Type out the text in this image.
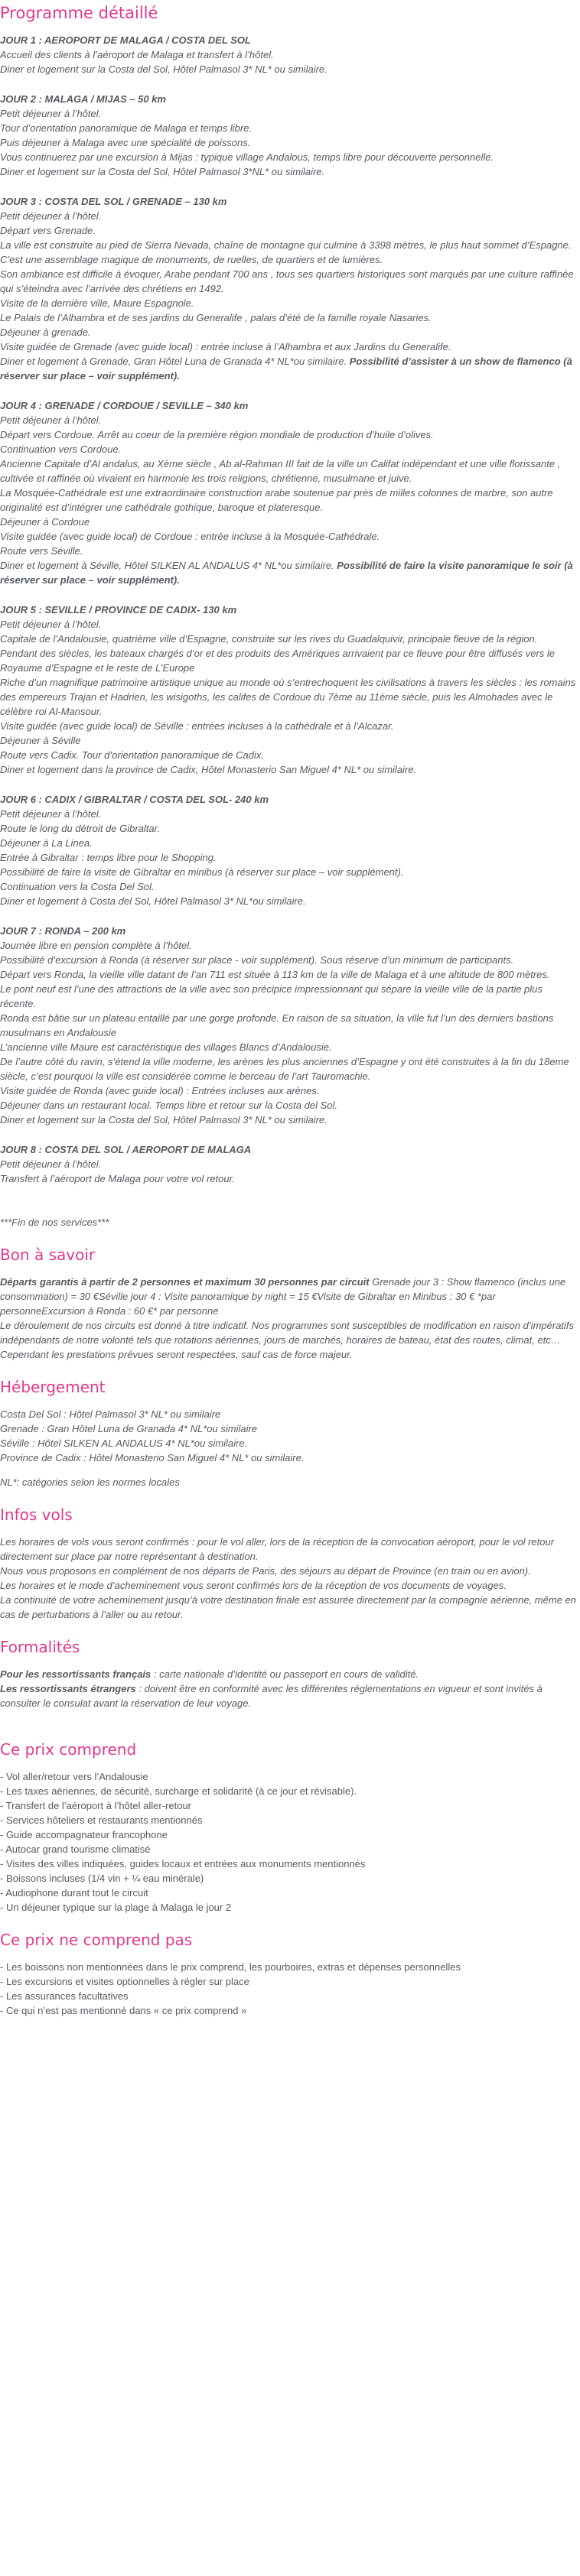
Programme détaillé
JOUR 1 : AEROPORT DE MALAGA / COSTA DEL SOL
Accueil des clients à l’aéroport de Malaga et transfert à l’hôtel.
Diner et logement sur la Costa del Sol, Hôtel Palmasol 3* NL* ou similaire.
JOUR 2 : MALAGA / MIJAS – 50 km
Petit déjeuner à l’hôtel.
Tour d’orientation panoramique de Malaga et temps libre.
Puis déjeuner à Malaga avec une spécialité de poissons.
Vous continuerez par une excursion à Mijas : typique village Andalous, temps libre pour découverte personnelle.
Diner et logement sur la Costa del Sol, Hôtel Palmasol 3*NL* ou similaire.
JOUR 3 : COSTA DEL SOL / GRENADE – 130 km
Petit déjeuner à l’hôtel.
Départ vers Grenade.
La ville est construite au pied de Sierra Nevada, chaîne de montagne qui culmine à 3398 mètres, le plus haut sommet d’Espagne.
C’est une assemblage magique de monuments, de ruelles, de quartiers et de lumières.
Son ambiance est difficile à évoquer, Arabe pendant 700 ans , tous ses quartiers historiques sont marqués par une culture raffinée qui s’éteindra avec l’arrivée des chrétiens en 1492.
Visite de la dernière ville, Maure Espagnole.
Le Palais de l’Alhambra et de ses jardins du Generalife , palais d’été de la famille royale Nasaries.
Déjeuner à grenade.
Visite guidée de Grenade (avec guide local) : entrée incluse à l’Alhambra et aux Jardins du Generalife.
Diner et logement à Grenade, Gran Hôtel Luna de Granada 4* NL*ou similaire. Possibilité d’assister à un show de flamenco (à réserver sur place – voir supplément).
JOUR 4 : GRENADE / CORDOUE / SEVILLE – 340 km
Petit déjeuner à l’hôtel.
Départ vers Cordoue. Arrêt au coeur de la première région mondiale de production d’huile d’olives.
Continuation vers Cordoue.
Ancienne Capitale d’Al andalus, au Xème siècle , Ab al-Rahman III fait de la ville un Califat indépendant et une ville florissante , cultivée et raffinée où vivaient en harmonie les trois religions, chrétienne, musulmane et juive.
La Mosquée-Cathédrale est une extraordinaire construction arabe soutenue par près de milles colonnes de marbre, son autre originalité est d’intégrer une cathédrale gothique, baroque et plateresque.
Déjeuner à Cordoue
Visite guidée (avec guide local) de Cordoue : entrée incluse à la Mosquée-Cathédrale.
Route vers Séville.
Diner et logement à Séville, Hôtel SILKEN AL ANDALUS 4* NL*ou similaire. Possibilité de faire la visite panoramique le soir (à réserver sur place – voir supplément).
JOUR 5 : SEVILLE / PROVINCE DE CADIX- 130 km
Petit déjeuner à l’hôtel.
Capitale de l’Andalousie, quatrième ville d’Espagne, construite sur les rives du Guadalquivir, principale fleuve de la région.
Pendant des siècles, les bateaux chargés d’or et des produits des Amériques arrivaient par ce fleuve pour être diffusés vers le Royaume d’Espagne et le reste de L’Europe
Riche d’un magnifique patrimoine artistique unique au monde où s’entrechoquent les civilisations à travers les siècles : les romains des empereurs Trajan et Hadrien, les wisigoths, les califes de Cordoue du 7ème au 11ème siècle, puis les Almohades avec le célèbre roi Al-Mansour.
Visite guidée (avec guide local) de Séville : entrées incluses à la cathédrale et à l’Alcazar.
Déjeuner à Séville
Route vers Cadix. Tour d’orientation panoramique de Cadix.
Diner et logement dans la province de Cadix, Hôtel Monasterio San Miguel 4* NL* ou similaire.
JOUR 6 : CADIX / GIBRALTAR / COSTA DEL SOL- 240 km
Petit déjeuner à l’hôtel.
Route le long du détroit de Gibraltar.
Déjeuner à La Linea.
Entrée à Gibraltar : temps libre pour le Shopping.
Possibilité de faire la visite de Gibraltar en minibus (à réserver sur place – voir supplément).
Continuation vers la Costa Del Sol.
Diner et logement à Costa del Sol, Hôtel Palmasol 3* NL*ou similaire.
JOUR 7 : RONDA – 200 km
Journée libre en pension complète à l’hôtel.
Possibilité d’excursion à Ronda (à réserver sur place - voir supplément). Sous réserve d’un minimum de participants.
Départ vers Ronda, la vieille ville datant de l’an 711 est située à 113 km de la ville de Malaga et à une altitude de 800 mètres.
Le pont neuf est l’une des attractions de la ville avec son précipice impressionnant qui sépare la vieille ville de la partie plus récente.
Ronda est bâtie sur un plateau entaillé par une gorge profonde. En raison de sa situation, la ville fut l’un des derniers bastions musulmans en Andalousie
L’ancienne ville Maure est caractéristique des villages Blancs d’Andalousie.
De l’autre côté du ravin, s’étend la ville moderne, les arènes les plus anciennes d’Espagne y ont été construites à la fin du 18eme siècle, c’est pourquoi la ville est considérée comme le berceau de l’art Tauromachie.
Visite guidée de Ronda (avec guide local) : Entrées incluses aux arènes.
Déjeuner dans un restaurant local. Temps libre et retour sur la Costa del Sol.
Diner et logement sur la Costa del Sol, Hôtel Palmasol 3* NL* ou similaire.
JOUR 8 : COSTA DEL SOL / AEROPORT DE MALAGA
Petit déjeuner à l’hôtel.
Transfert à l’aéroport de Malaga pour votre vol retour.
***Fin de nos services***
Bon à savoir
Départs garantis à partir de 2 personnes et maximum 30 personnes par circuit Grenade jour 3 : Show flamenco (inclus une consommation) = 30 €Séville jour 4 : Visite panoramique by night = 15 €Visite de Gibraltar en Minibus : 30 € *par personneExcursion à Ronda : 60 €* par personne
Le déroulement de nos circuits est donné à titre indicatif. Nos programmes sont susceptibles de modification en raison d’impératifs indépendants de notre volonté tels que rotations aériennes, jours de marchés, horaires de bateau, état des routes, climat, etc… Cependant les prestations prévues seront respectées, sauf cas de force majeur.
Hébergement
Costa Del Sol : Hôtel Palmasol 3* NL* ou similaire
Grenade : Gran Hôtel Luna de Granada 4* NL*ou similaire
Séville : Hôtel SILKEN AL ANDALUS 4* NL*ou similaire.
Province de Cadix : Hôtel Monasterio San Miguel 4* NL* ou similaire.
NL*: catégories selon les normes locales
Infos vols
Les horaires de vols vous seront confirmés : pour le vol aller, lors de la réception de la convocation aéroport, pour le vol retour directement sur place par notre représentant à destination.
Nous vous proposons en complément de nos départs de Paris, des séjours au départ de Province (en train ou en avion).
Les horaires et le mode d’acheminement vous seront confirmés lors de la réception de vos documents de voyages.
La continuité de votre acheminement jusqu’à votre destination finale est assurée directement par la compagnie aérienne, même en cas de perturbations à l’aller ou au retour.
Formalités
Pour les ressortissants français : carte nationale d’identité ou passeport en cours de validité.
Les ressortissants étrangers : doivent être en conformité avec les différentes réglementations en vigueur et sont invités à consulter le consulat avant la réservation de leur voyage.
Ce prix comprend
- Vol aller/retour vers l’Andalousie
- Les taxes aériennes, de sécurité, surcharge et solidarité (à ce jour et révisable).
- Transfert de l’aéroport à l’hôtel aller-retour
- Services hôteliers et restaurants mentionnés
- Guide accompagnateur francophone
- Autocar grand tourisme climatisé
- Visites des villes indiquées, guides locaux et entrées aux monuments mentionnés
- Boissons incluses (1/4 vin + ¼ eau minérale)
- Audiophone durant tout le circuit
- Un déjeuner typique sur la plage à Malaga le jour 2
Ce prix ne comprend pas
- Les boissons non mentionnées dans le prix comprend, les pourboires, extras et dépenses personnelles
- Les excursions et visites optionnelles à régler sur place
- Les assurances facultatives
- Ce qui n’est pas mentionné dans « ce prix comprend »
